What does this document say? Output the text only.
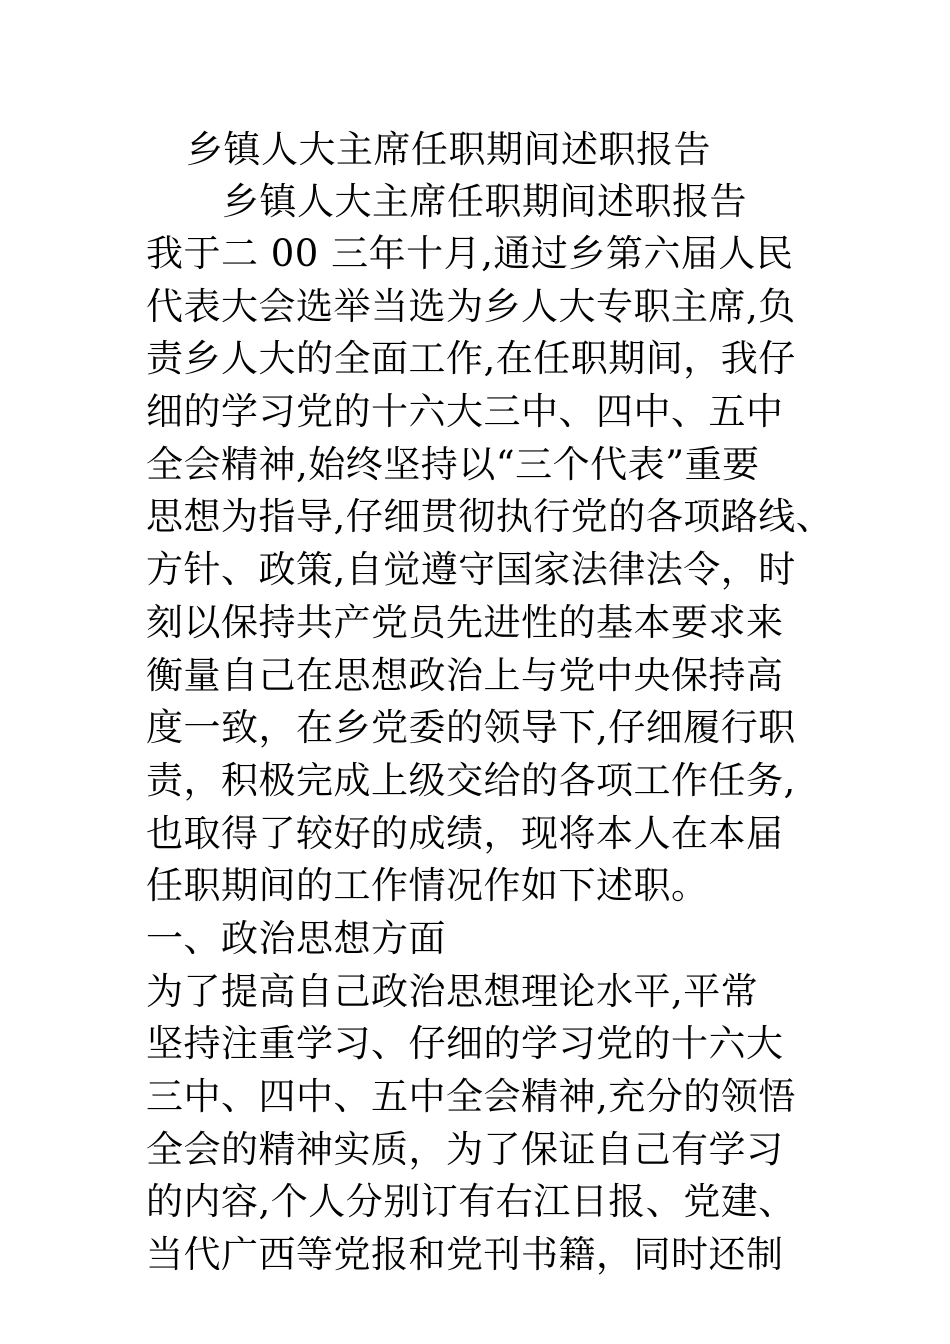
乡镇人大主席任职期间述职报告
乡镇人大主席任职期间述职报告
我于二 00 三年十月,通过乡第六届人民
代表大会选举当选为乡人大专职主席,负
责乡人大的全面工作,在任职期间，我仔
细的学习党的十六大三中、四中、五中
全会精神,始终坚持以“三个代表”重要
思想为指导,仔细贯彻执行党的各项路线、
方针、政策,自觉遵守国家法律法令，时
刻以保持共产党员先进性的基本要求来
衡量自己在思想政治上与党中央保持高
度一致，在乡党委的领导下,仔细履行职
责，积极完成上级交给的各项工作任务,
也取得了较好的成绩，现将本人在本届
任职期间的工作情况作如下述职。
一、政治思想方面
为了提高自己政治思想理论水平,平常
坚持注重学习、仔细的学习党的十六大
三中、四中、五中全会精神,充分的领悟
全会的精神实质，为了保证自己有学习
的内容,个人分别订有右江日报、党建、
当代广西等党报和党刊书籍，同时还制
